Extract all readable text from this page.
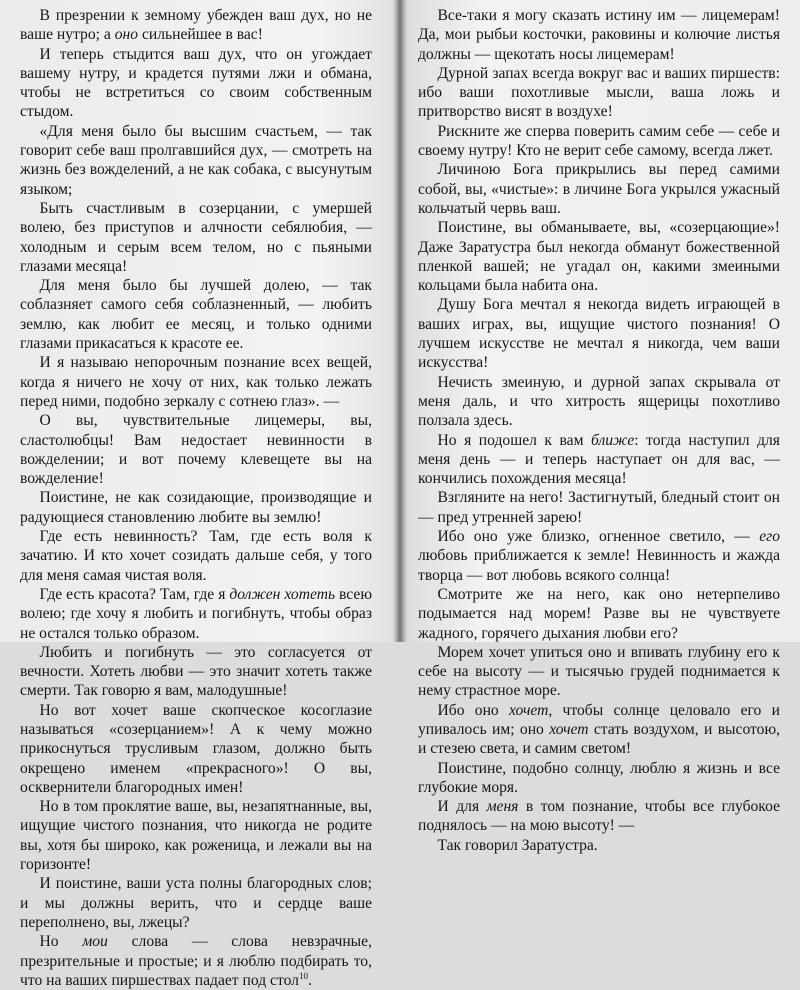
В презрении к земному убежден ваш дух, но не ваше нутро; а оно сильнейшее в вас!

И теперь стыдится ваш дух, что он угождает вашему нутру, и крадется путями лжи и обмана, чтобы не встретиться со своим собственным стыдом.

«Для меня было бы высшим счастьем, — так говорит себе ваш пролгавшийся дух, — смотреть на жизнь без вожделений, а не как собака, с высунутым языком;

Быть счастливым в созерцании, с умершей волею, без приступов и алчности себялюбия, — холодным и серым всем телом, но с пьяными глазами месяца!

Для меня было бы лучшей долею, — так соблазняет самого себя соблазненный, — любить землю, как любит ее месяц, и только одними глазами прикасаться к красоте ее.

И я называю непорочным познание всех вещей, когда я ничего не хочу от них, как только лежать перед ними, подобно зеркалу с сотнею глаз». —

О вы, чувствительные лицемеры, вы, сластолюбцы! Вам недостает невинности в вожделении; и вот почему клевещете вы на вожделение!

Поистине, не как созидающие, производящие и радующиеся становлению любите вы землю!

Где есть невинность? Там, где есть воля к зачатию. И кто хочет созидать дальше себя, у того для меня самая чистая воля.

Где есть красота? Там, где я должен хотеть всею волею; где хочу я любить и погибнуть, чтобы образ не остался только образом.

Любить и погибнуть — это согласуется от вечности. Хотеть любви — это значит хотеть также смерти. Так говорю я вам, малодушные!

Но вот хочет ваше скопческое косоглазие называться «созерцанием»! А к чему можно прикоснуться трусливым глазом, должно быть окрещено именем «прекрасного»! О вы, осквернители благородных имен!

Но в том проклятие ваше, вы, незапятнанные, вы, ищущие чистого познания, что никогда не родите вы, хотя бы широко, как роженица, и лежали вы на горизонте!

И поистине, ваши уста полны благородных слов; и мы должны верить, что и сердце ваше переполнено, вы, лжецы?

Но мои слова — слова невзрачные, презрительные и простые; и я люблю подбирать то, что на ваших пиршествах падает под стол$^{10}$.

Все-таки я могу сказать истину им — лицемерам! Да, мои рыбьи косточки, раковины и колючие листья должны — щекотать носы лицемерам!

Дурной запах всегда вокруг вас и ваших пиршеств: ибо ваши похотливые мысли, ваша ложь и притворство висят в воздухе!

Рискните же сперва поверить самим себе — себе и своему нутру! Кто не верит себе самому, всегда лжет.

Личиною Бога прикрылись вы перед самими собой, вы, «чистые»: в личине Бога укрылся ужасный кольчатый червь ваш.

Поистине, вы обманываете, вы, «созерцающие»! Даже Заратустра был некогда обманут божественной пленкой вашей; не угадал он, какими змеиными кольцами была набита она.

Душу Бога мечтал я некогда видеть играющей в ваших играх, вы, ищущие чистого познания! О лучшем искусстве не мечтал я никогда, чем ваши искусства!

Нечисть змеиную, и дурной запах скрывала от меня даль, и что хитрость ящерицы похотливо ползала здесь.

Но я подошел к вам ближе: тогда наступил для меня день — и теперь наступает он для вас, — кончились похождения месяца!

Взгляните на него! Застигнутый, бледный стоит он — пред утренней зарею!

Ибо оно уже близко, огненное светило, — его любовь приближается к земле! Невинность и жажда творца — вот любовь всякого солнца!

Смотрите же на него, как оно нетерпеливо подымается над морем! Разве вы не чувствуете жадного, горячего дыхания любви его?

Морем хочет упиться оно и впивать глубину его к себе на высоту — и тысячью грудей поднимается к нему страстное море.

Ибо оно хочет, чтобы солнце целовало его и упивалось им; оно хочет стать воздухом, и высотою, и стезею света, и самим светом!

Поистине, подобно солнцу, люблю я жизнь и все глубокие моря.

И для меня в том познание, чтобы все глубокое поднялось — на мою высоту! —

Так говорил Заратустра.
